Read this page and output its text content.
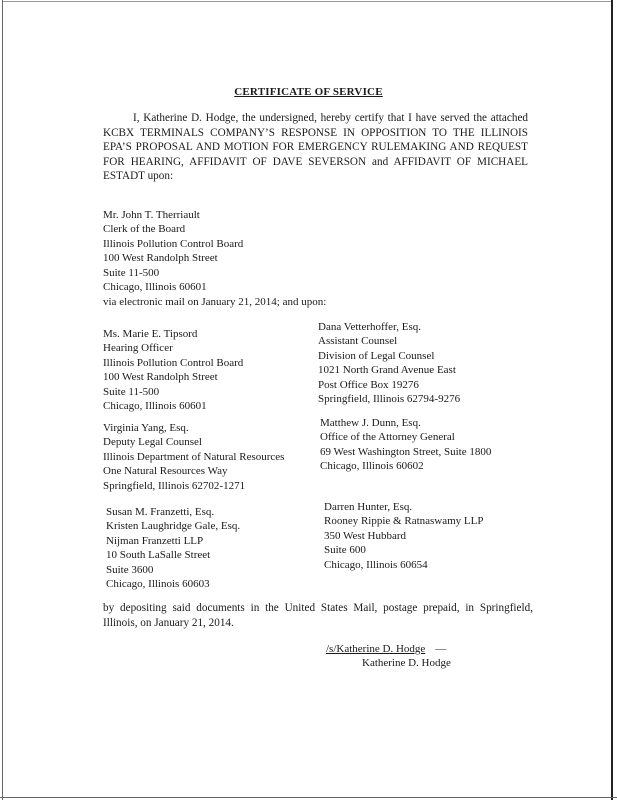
CERTIFICATE OF SERVICE
I, Katherine D. Hodge, the undersigned, hereby certify that I have served the attached KCBX TERMINALS COMPANY’S RESPONSE IN OPPOSITION TO THE ILLINOIS EPA’S PROPOSAL AND MOTION FOR EMERGENCY RULEMAKING AND REQUEST FOR HEARING, AFFIDAVIT OF DAVE SEVERSON and AFFIDAVIT OF MICHAEL ESTADT upon:
Mr. John T. Therriault
Clerk of the Board
Illinois Pollution Control Board
100 West Randolph Street
Suite 11-500
Chicago, Illinois 60601
via electronic mail on January 21, 2014; and upon:
Ms. Marie E. Tipsord
Hearing Officer
Illinois Pollution Control Board
100 West Randolph Street
Suite 11-500
Chicago, Illinois 60601
Dana Vetterhoffer, Esq.
Assistant Counsel
Division of Legal Counsel
1021 North Grand Avenue East
Post Office Box 19276
Springfield, Illinois 62794-9276
Virginia Yang, Esq.
Deputy Legal Counsel
Illinois Department of Natural Resources
One Natural Resources Way
Springfield, Illinois 62702-1271
Matthew J. Dunn, Esq.
Office of the Attorney General
69 West Washington Street, Suite 1800
Chicago, Illinois 60602
Susan M. Franzetti, Esq.
Kristen Laughridge Gale, Esq.
Nijman Franzetti LLP
10 South LaSalle Street
Suite 3600
Chicago, Illinois 60603
Darren Hunter, Esq.
Rooney Rippie & Ratnaswamy LLP
350 West Hubbard
Suite 600
Chicago, Illinois 60654
by depositing said documents in the United States Mail, postage prepaid, in Springfield, Illinois, on January 21, 2014.
/s/Katherine D. Hodge —
Katherine D. Hodge
